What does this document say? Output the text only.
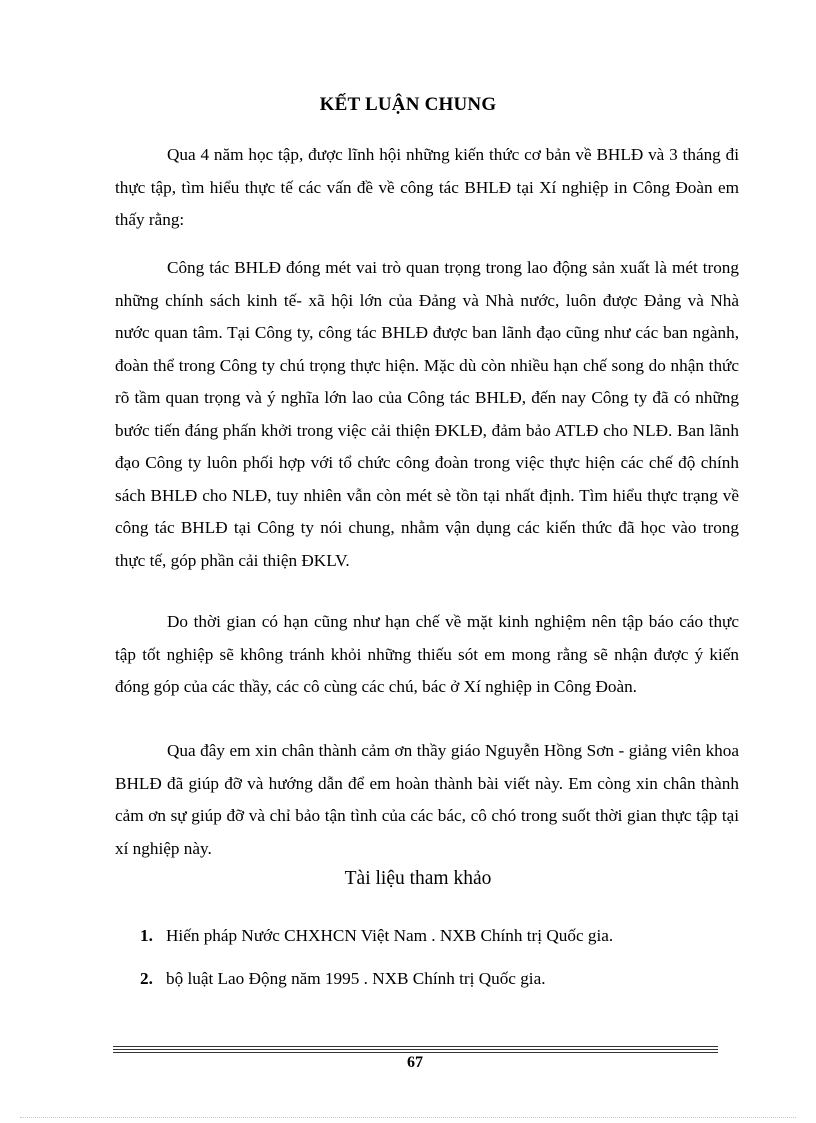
KẾT LUẬN CHUNG

Qua 4 năm học tập, được lĩnh hội những kiến thức cơ bản về BHLĐ và 3 tháng đi thực tập, tìm hiểu thực tế các vấn đề về công tác BHLĐ tại Xí nghiệp in Công Đoàn em thấy rằng:

Công tác BHLĐ đóng mét vai trò quan trọng trong lao động sản xuất là mét trong những chính sách kinh tế- xã hội lớn của Đảng và Nhà nước, luôn được Đảng và Nhà nước quan tâm. Tại Công ty, công tác BHLĐ được ban lãnh đạo cũng như các ban ngành, đoàn thể trong Công ty chú trọng thực hiện. Mặc dù còn nhiều hạn chế song do nhận thức rõ tầm quan trọng và ý nghĩa lớn lao của Công tác BHLĐ, đến nay Công ty đã có những bước tiến đáng phấn khởi trong việc cải thiện ĐKLĐ, đảm bảo ATLĐ cho NLĐ. Ban lãnh đạo Công ty luôn phối hợp với tổ chức công đoàn trong việc thực hiện các chế độ chính sách BHLĐ cho NLĐ, tuy nhiên vẫn còn mét sè tồn tại nhất định. Tìm hiểu thực trạng về công tác BHLĐ tại Công ty nói chung, nhằm vận dụng các kiến thức đã học vào trong thực tế, góp phần cải thiện ĐKLV.

Do thời gian có hạn cũng như hạn chế về mặt kinh nghiệm nên tập báo cáo thực tập tốt nghiệp sẽ không tránh khỏi những thiếu sót em mong rằng sẽ nhận được ý kiến đóng góp của các thầy, các cô cùng các chú, bác ở Xí nghiệp in Công Đoàn.

Qua đây em xin chân thành cảm ơn thầy giáo Nguyễn Hồng Sơn - giảng viên khoa BHLĐ đã giúp đỡ và hướng dẫn để em hoàn thành bài viết này. Em còng xin chân thành cảm ơn sự giúp đỡ và chỉ bảo tận tình của các bác, cô chó trong suốt thời gian thực tập tại xí nghiệp này.

Tài liệu tham khảo
1. Hiến pháp Nước CHXHCN Việt Nam . NXB Chính trị Quốc gia.
2. bộ luật Lao Động năm 1995 . NXB Chính trị Quốc gia.
67
